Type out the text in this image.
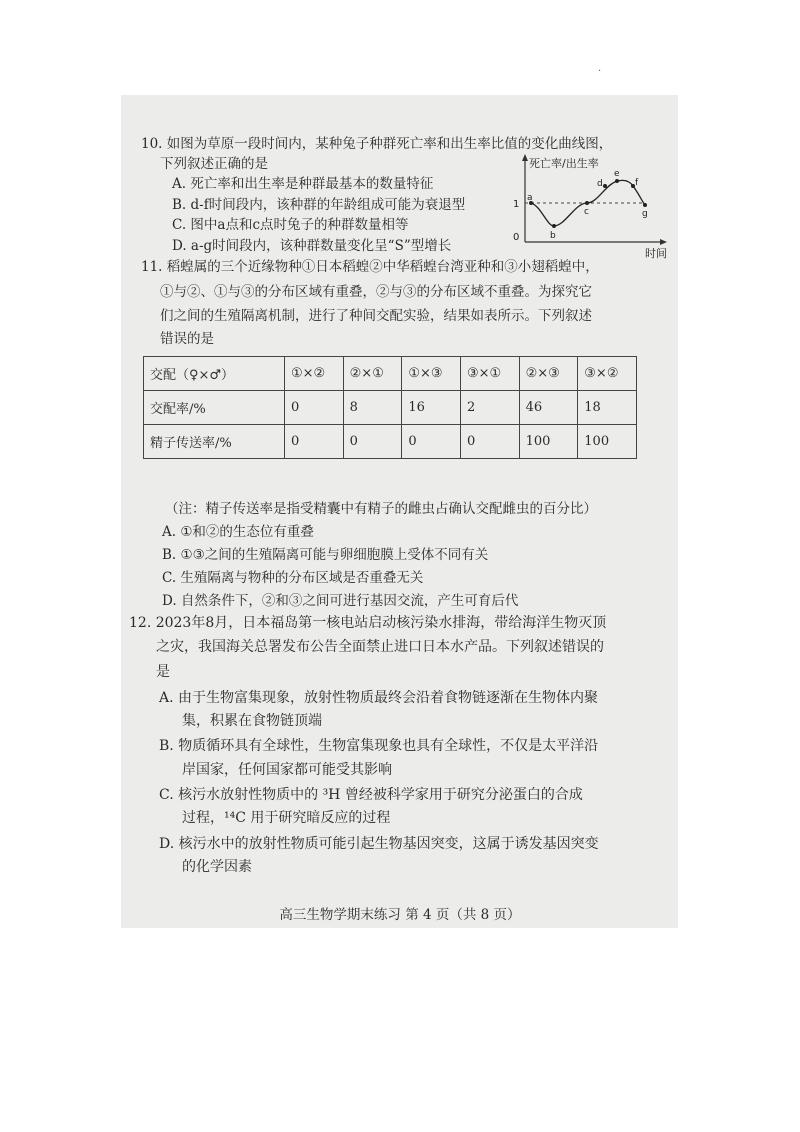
·
10. 如图为草原一段时间内，某种兔子种群死亡率和出生率比值的变化曲线图，
下列叙述正确的是
A. 死亡率和出生率是种群最基本的数量特征
B. d-f时间段内，该种群的年龄组成可能为衰退型
C. 图中a点和c点时兔子的种群数量相等
D. a-g时间段内，该种群数量变化呈“S”型增长
死亡率/出生率
时间
1
0
a
b
c
d
e
f
g
11. 稻蝗属的三个近缘物种①日本稻蝗②中华稻蝗台湾亚种和③小翅稻蝗中，
①与②、①与③的分布区域有重叠，②与③的分布区域不重叠。为探究它
们之间的生殖隔离机制，进行了种间交配实验，结果如表所示。下列叙述
错误的是
交配（♀×♂）	①×②	②×①	①×③	③×①	②×③	③×②
交配率/%	0	8	16	2	46	18
精子传送率/%	0	0	0	0	100	100
（注：精子传送率是指受精囊中有精子的雌虫占确认交配雌虫的百分比）
A. ①和②的生态位有重叠
B. ①③之间的生殖隔离可能与卵细胞膜上受体不同有关
C. 生殖隔离与物种的分布区域是否重叠无关
D. 自然条件下，②和③之间可进行基因交流，产生可育后代
12. 2023年8月，日本福岛第一核电站启动核污染水排海，带给海洋生物灭顶
之灾，我国海关总署发布公告全面禁止进口日本水产品。下列叙述错误的
是
A. 由于生物富集现象，放射性物质最终会沿着食物链逐渐在生物体内聚
集，积累在食物链顶端
B. 物质循环具有全球性，生物富集现象也具有全球性，不仅是太平洋沿
岸国家，任何国家都可能受其影响
C. 核污水放射性物质中的 ³H 曾经被科学家用于研究分泌蛋白的合成
过程，¹⁴C 用于研究暗反应的过程
D. 核污水中的放射性物质可能引起生物基因突变，这属于诱发基因突变
的化学因素
高三生物学期末练习 第 4 页（共 8 页）
